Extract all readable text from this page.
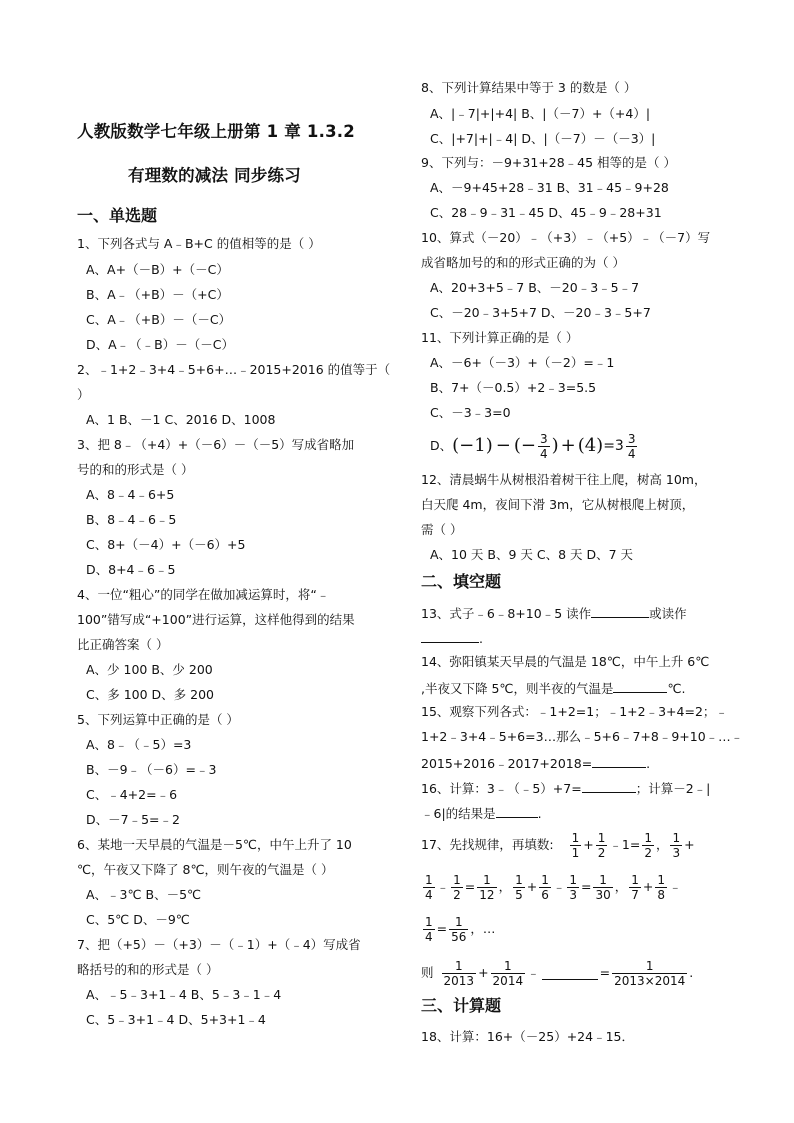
人教版数学七年级上册第 1 章 1.3.2
有理数的减法 同步练习
一、单选题
1、下列各式与 A﹣B+C 的值相等的是（ ）
A、A+（－B）+（－C）
B、A﹣（+B）－（+C）
C、A﹣（+B）－（－C）
D、A﹣（﹣B）－（－C）
2、﹣1+2﹣3+4﹣5+6+…﹣2015+2016 的值等于（
）
A、1 B、－1 C、2016 D、1008
3、把 8﹣（+4）+（－6）－（－5）写成省略加
号的和的形式是（ ）
A、8﹣4﹣6+5
B、8﹣4﹣6﹣5
C、8+（－4）+（－6）+5
D、8+4﹣6﹣5
4、一位“粗心”的同学在做加减运算时，将“﹣
100”错写成“+100”进行运算，这样他得到的结果
比正确答案（ ）
A、少 100 B、少 200
C、多 100 D、多 200
5、下列运算中正确的是（ ）
A、8﹣（﹣5）=3
B、－9﹣（－6）=﹣3
C、﹣4+2=﹣6
D、－7﹣5=﹣2
6、某地一天早晨的气温是－5℃，中午上升了 10
℃，午夜又下降了 8℃，则午夜的气温是（ ）
A、﹣3℃ B、－5℃
C、5℃ D、－9℃
7、把（+5）－（+3）－（﹣1）+（﹣4）写成省
略括号的和的形式是（ ）
A、﹣5﹣3+1﹣4 B、5﹣3﹣1﹣4
C、5﹣3+1﹣4 D、5+3+1﹣4
8、下列计算结果中等于 3 的数是（ ）
A、|﹣7|+|+4| B、|（－7）+（+4）|
C、|+7|+|﹣4| D、|（－7）－（－3）|
9、下列与：－9+31+28﹣45 相等的是（ ）
A、－9+45+28﹣31 B、31﹣45﹣9+28
C、28﹣9﹣31﹣45 D、45﹣9﹣28+31
10、算式（－20）﹣（+3）﹣（+5）﹣（－7）写
成省略加号的和的形式正确的为（ ）
A、20+3+5﹣7 B、－20﹣3﹣5﹣7
C、－20﹣3+5+7 D、－20﹣3﹣5+7
11、下列计算正确的是（ ）
A、－6+（－3）+（－2）=﹣1
B、7+（－0.5）+2﹣3=5.5
C、－3﹣3=0
D、 (−1) − (− $\frac{3}{4}$ ) + $(4) =3 \frac{3}{4}$
12、清晨蜗牛从树根沿着树干往上爬，树高 10m，
白天爬 4m，夜间下滑 3m，它从树根爬上树顶，
需（ ）
A、10 天 B、9 天 C、8 天 D、7 天
二、填空题
13、式子﹣6﹣8+10﹣5 读作	或读作
.
14、弥阳镇某天早晨的气温是 18℃，中午上升 6℃
,半夜又下降 5℃，则半夜的气温是	℃.
15、观察下列各式：﹣1+2=1；﹣1+2﹣3+4=2；﹣
1+2﹣3+4﹣5+6=3…那么﹣5+6﹣7+8﹣9+10﹣…﹣
2015+2016﹣2017+2018=	.
16、计算：3﹣（﹣5）+7=	；计算－2﹣|
﹣6|的结果是	.
17、先找规律，再填数: $\frac{1}{1} + \frac{1}{2}$ ﹣1= $\frac{1}{2}$ ， $\frac{1}{3}$ +
$\frac{1}{4}$ ﹣ $\frac{1}{2} = \frac{1}{12}$ ， $\frac{1}{5} + \frac{1}{6}$ ﹣ $\frac{1}{3} = \frac{1}{30}$ ， $\frac{1}{7} + \frac{1}{8}$ ﹣
$\frac{1}{4} = \frac{1}{56}$ ，…
则 $\frac{1}{2013} + \frac{1}{2014}$ ﹣	= $\frac{1}{2013\times 2014}$ .
三、计算题
18、计算：16+（－25）+24﹣15．
